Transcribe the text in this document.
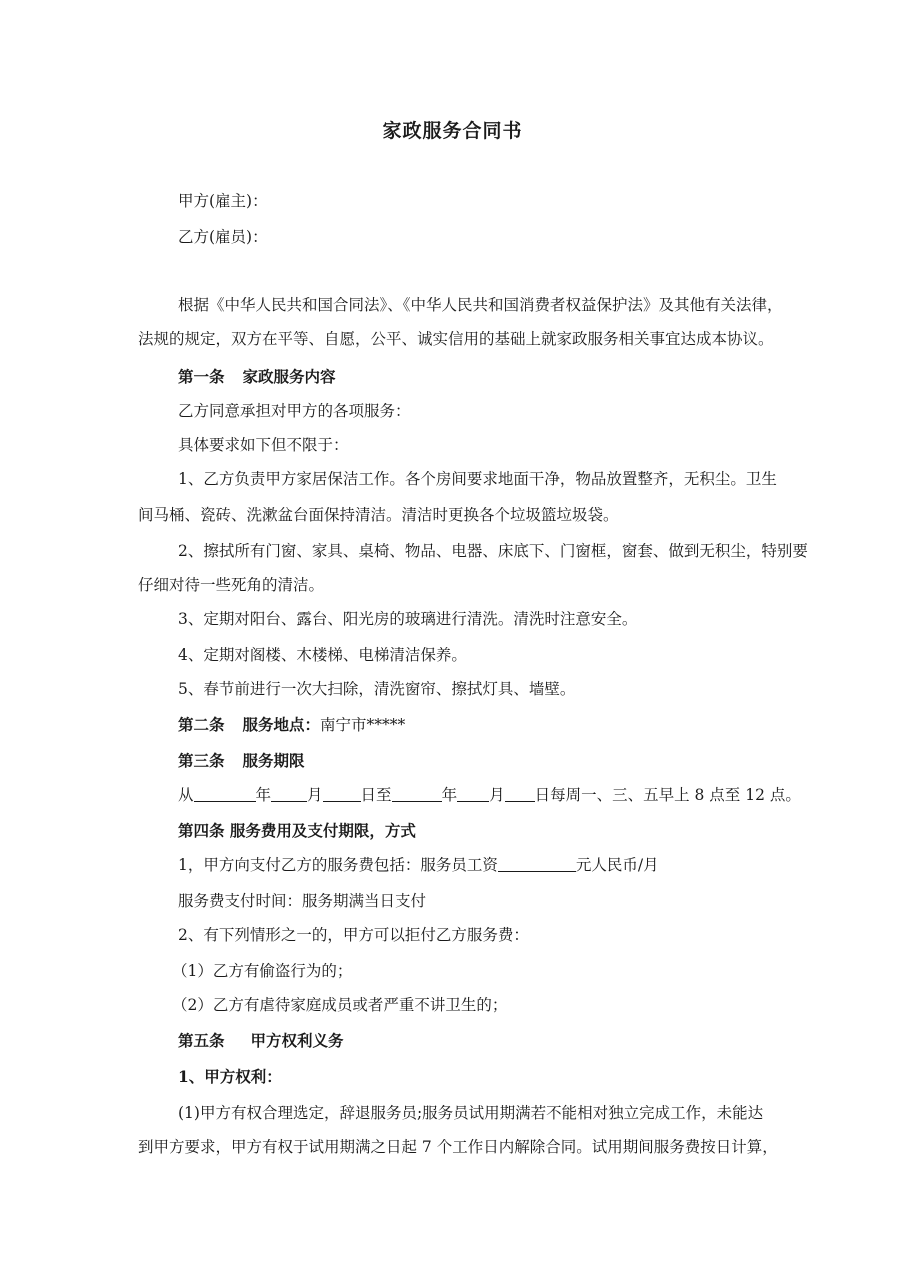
家政服务合同书
甲方(雇主)：
乙方(雇员)：
根据《中华人民共和国合同法》、《中华人民共和国消费者权益保护法》及其他有关法律，
法规的规定，双方在平等、自愿，公平、诚实信用的基础上就家政服务相关事宜达成本协议。
第一条 家政服务内容
乙方同意承担对甲方的各项服务：
具体要求如下但不限于：
1、乙方负责甲方家居保洁工作。各个房间要求地面干净，物品放置整齐，无积尘。卫生
间马桶、瓷砖、洗漱盆台面保持清洁。清洁时更换各个垃圾篮垃圾袋。
2、擦拭所有门窗、家具、桌椅、物品、电器、床底下、门窗框，窗套、做到无积尘，特别要
仔细对待一些死角的清洁。
3、定期对阳台、露台、阳光房的玻璃进行清洗。清洗时注意安全。
4、定期对阁楼、木楼梯、电梯清洁保养。
5、春节前进行一次大扫除，清洗窗帘、擦拭灯具、墙壁。
第二条 服务地点：南宁市*****
第三条 服务期限
从	年 月 日至	年 月 日每周一、三、五早上 8 点至 12 点。
第四条 服务费用及支付期限，方式
1，甲方向支付乙方的服务费包括：服务员工资	元人民币/月
服务费支付时间：服务期满当日支付
2、有下列情形之一的，甲方可以拒付乙方服务费：
（1）乙方有偷盗行为的；
（2）乙方有虐待家庭成员或者严重不讲卫生的；
第五条 甲方权利义务
1、甲方权利：
(1)甲方有权合理选定，辞退服务员;服务员试用期满若不能相对独立完成工作，未能达
到甲方要求，甲方有权于试用期满之日起 7 个工作日内解除合同。试用期间服务费按日计算，
